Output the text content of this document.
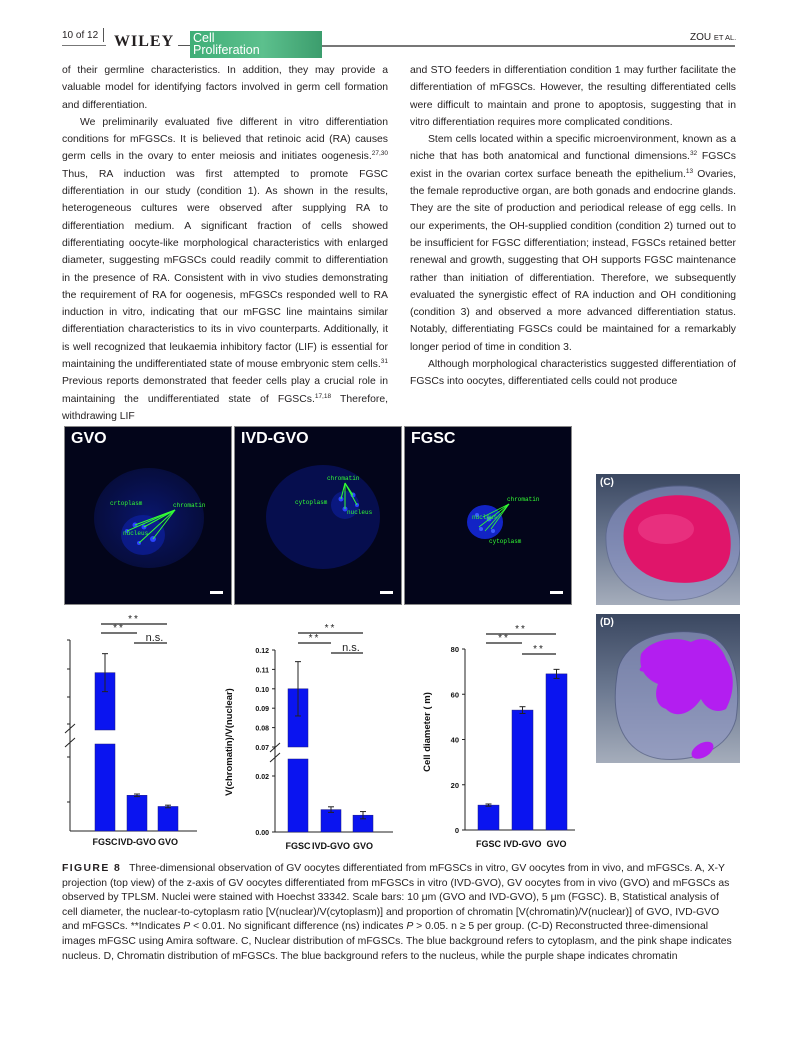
10 of 12 WILEY Cell
Proliferation
ZOU ET AL.

of their germline characteristics. In addition, they may provide a valuable model for identifying factors involved in germ cell formation and differentiation.

We preliminarily evaluated five different in vitro differentiation conditions for mFGSCs. It is believed that retinoic acid (RA) causes germ cells in the ovary to enter meiosis and initiates oogenesis.$^{27,30}$ Thus, RA induction was first attempted to promote FGSC differentiation in our study (condition 1). As shown in the results, heterogeneous cultures were observed after supplying RA to differentiation medium. A significant fraction of cells showed differentiating oocyte-like morphological characteristics with enlarged diameter, suggesting mFGSCs could readily commit to differentiation in the presence of RA. Consistent with in vivo studies demonstrating the requirement of RA for oogenesis, mFGSCs responded well to RA induction in vitro, indicating that our mFGSC line maintains similar differentiation characteristics to its in vivo counterparts. Additionally, it is well recognized that leukaemia inhibitory factor (LIF) is essential for maintaining the undifferentiated state of mouse embryonic stem cells.$^{31}$ Previous reports demonstrated that feeder cells play a crucial role in maintaining the undifferentiated state of FGSCs.$^{17,18}$ Therefore, withdrawing LIF

and STO feeders in differentiation condition 1 may further facilitate the differentiation of mFGSCs. However, the resulting differentiated cells were difficult to maintain and prone to apoptosis, suggesting that in vitro differentiation requires more complicated conditions.

Stem cells located within a specific microenvironment, known as a niche that has both anatomical and functional dimensions.$^{32}$ FGSCs exist in the ovarian cortex surface beneath the epithelium.$^{13}$ Ovaries, the female reproductive organ, are both gonads and endocrine glands. They are the site of production and periodical release of egg cells. In our experiments, the OH-supplied condition (condition 2) turned out to be insufficient for FGSC differentiation; instead, FGSCs retained better renewal and growth, suggesting that OH supports FGSC maintenance rather than initiation of differentiation. Therefore, we subsequently evaluated the synergistic effect of RA induction and OH conditioning (condition 3) and observed a more advanced differentiation status. Notably, differentiating FGSCs could be maintained for a remarkably longer period of time in condition 3.

Although morphological characteristics suggested differentiation of FGSCs into oocytes, differentiated cells could not produce

crtoplasm	chromatin
nucleus
GVO
chromatin
cytoplasm
nucleus
IVD-GVO
chromatin
nucleus
cytoplasm
FGSC
(C)
(D)
FGSC IVD-GVO GVO
**
**
n.s.
0.00
0.02
0.07
0.08
0.09
0.10
0.11
0.12
V(chromatin)/V(nuclear)
FGSC IVD-GVO GVO
**
**
n.s.
0
20
40
60
80
Cell diameter ( m)
FGSC IVD-GVO GVO
**
**
**
FIGURE 8 Three-dimensional observation of GV oocytes differentiated from mFGSCs in vitro, GV oocytes from in vivo, and mFGSCs. A, X-Y projection (top view) of the z-axis of GV oocytes differentiated from mFGSCs in vitro (IVD-GVO), GV oocytes from in vivo (GVO) and mFGSCs as observed by TPLSM. Nuclei were stained with Hoechst 33342. Scale bars: 10 μm (GVO and IVD-GVO), 5 μm (FGSC). B, Statistical analysis of cell diameter, the nuclear-to-cytoplasm ratio [V(nuclear)/V(cytoplasm)] and proportion of chromatin [V(chromatin)/V(nuclear)] of GVO, IVD-GVO and mFGSCs. **Indicates P < 0.01. No significant difference (ns) indicates P > 0.05. n ≥ 5 per group. (C-D) Reconstructed three-dimensional images mFGSC using Amira software. C, Nuclear distribution of mFGSCs. The blue background refers to cytoplasm, and the pink shape indicates nucleus. D, Chromatin distribution of mFGSCs. The blue background refers to the nucleus, while the purple shape indicates chromatin
